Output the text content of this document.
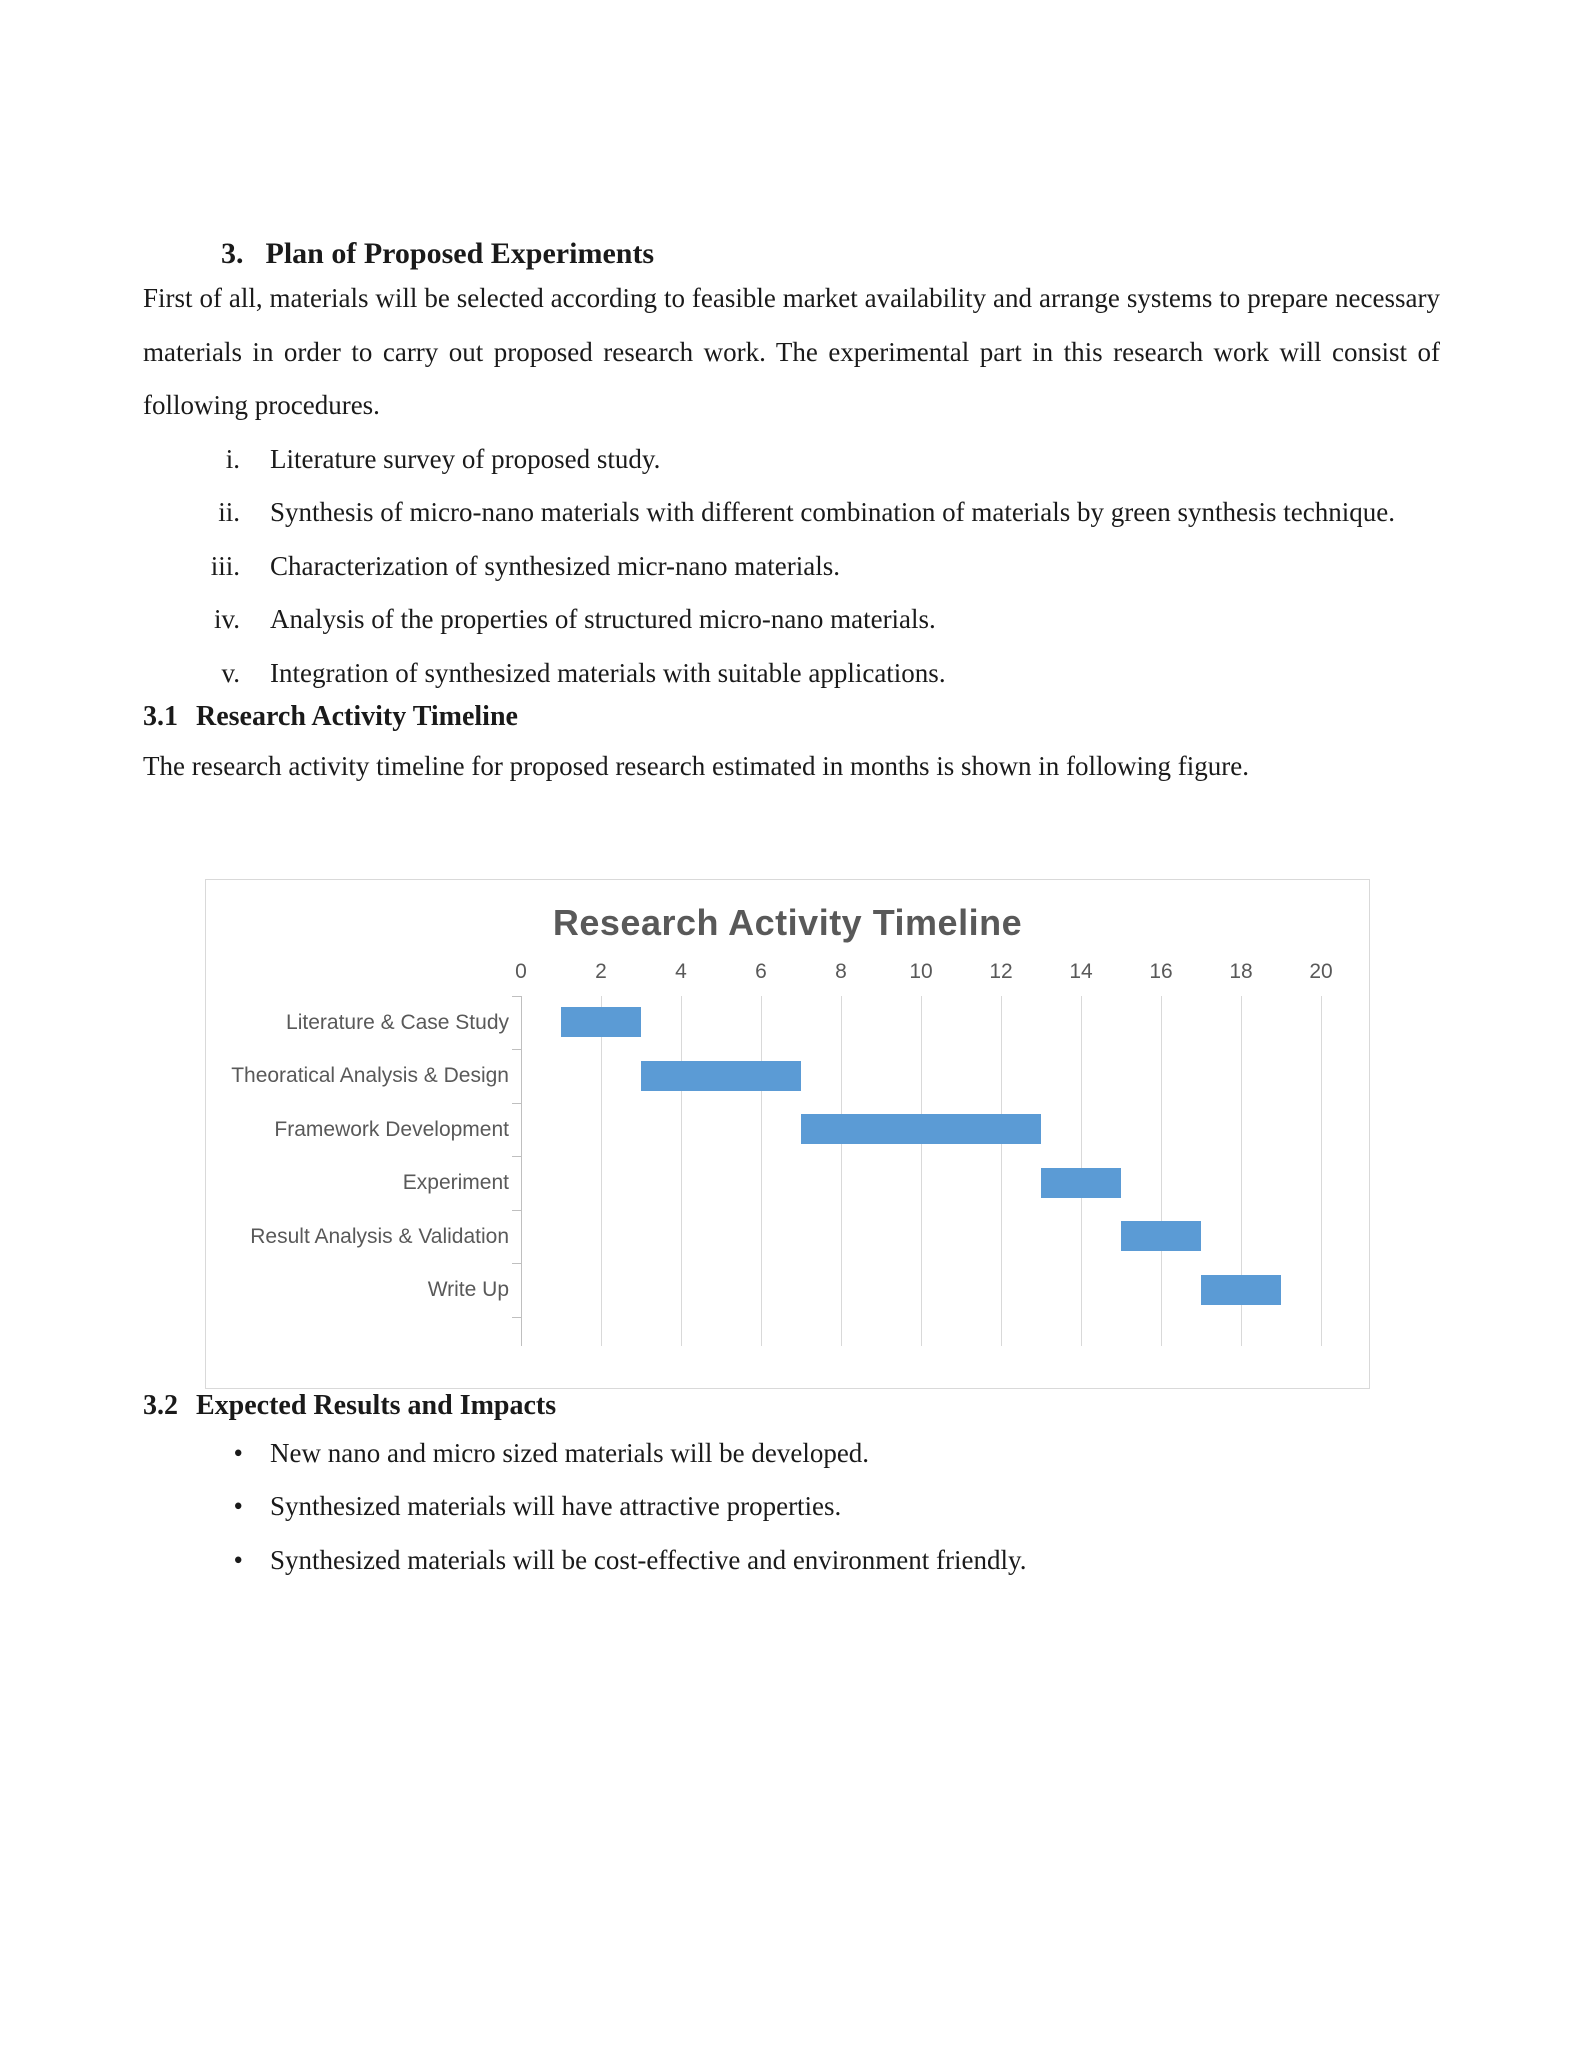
3. Plan of Proposed Experiments

First of all, materials will be selected according to feasible market availability and arrange systems to prepare necessary materials in order to carry out proposed research work. The experimental part in this research work will consist of following procedures.

i. Literature survey of proposed study.
ii. Synthesis of micro-nano materials with different combination of materials by green synthesis technique.
iii. Characterization of synthesized micr-nano materials.
iv. Analysis of the properties of structured micro-nano materials.
v. Integration of synthesized materials with suitable applications.
3.1 Research Activity Timeline

The research activity timeline for proposed research estimated in months is shown in following figure.

Research Activity Timeline
0	2	4	6	8	10	12	14	16	18	20
Literature & Case Study
Theoratical Analysis & Design
Framework Development
Experiment
Result Analysis & Validation
Write Up
3.2 Expected Results and Impacts
• New nano and micro sized materials will be developed.
• Synthesized materials will have attractive properties.
• Synthesized materials will be cost-effective and environment friendly.
